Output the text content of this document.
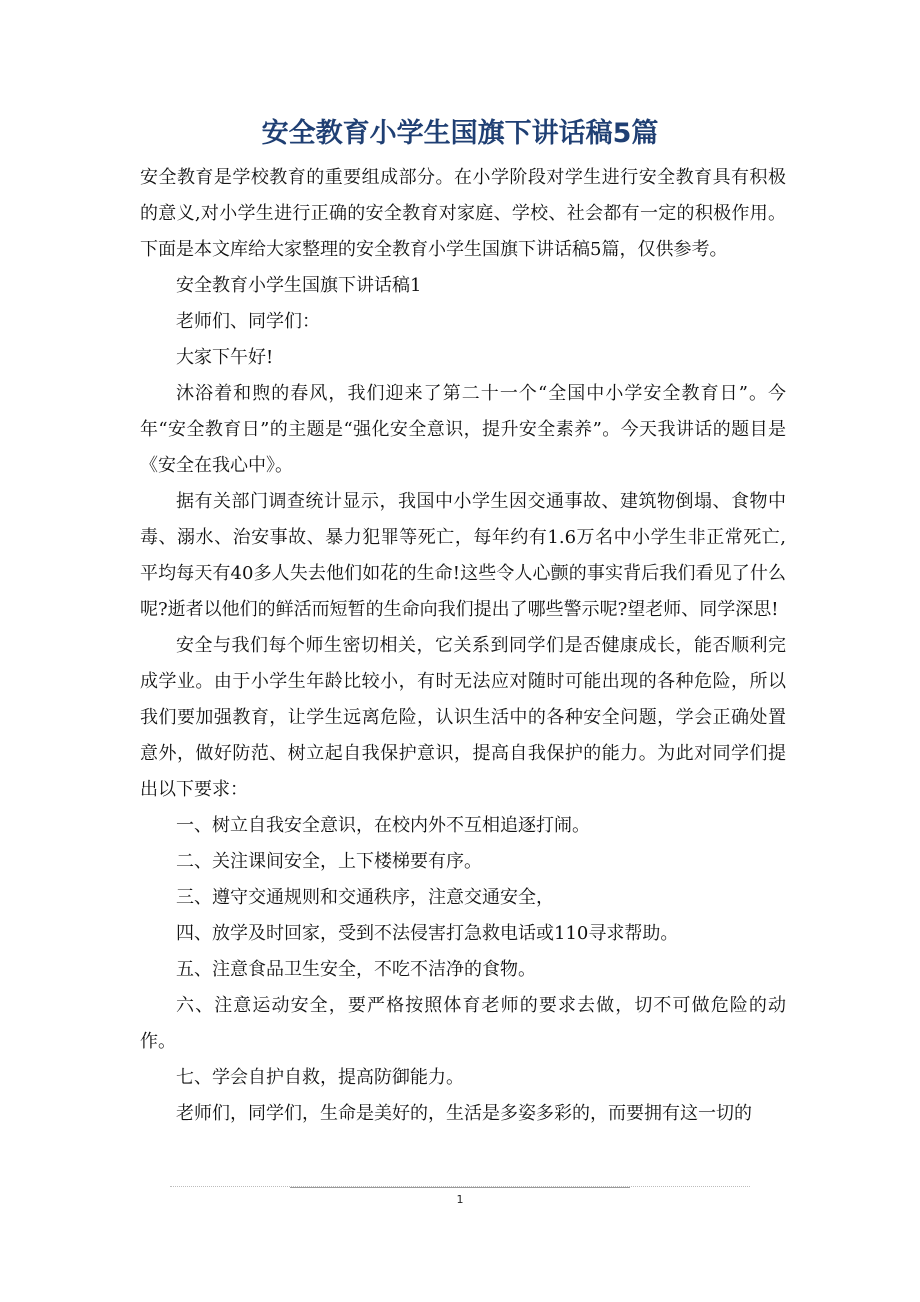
安全教育小学生国旗下讲话稿5篇

安全教育是学校教育的重要组成部分。在小学阶段对学生进行安全教育具有积极的意义,对小学生进行正确的安全教育对家庭、学校、社会都有一定的积极作用。下面是本文库给大家整理的安全教育小学生国旗下讲话稿5篇，仅供参考。

安全教育小学生国旗下讲话稿1

老师们、同学们：

大家下午好!

沐浴着和煦的春风，我们迎来了第二十一个“全国中小学安全教育日”。今年“安全教育日”的主题是“强化安全意识，提升安全素养”。今天我讲话的题目是《安全在我心中》。

据有关部门调查统计显示，我国中小学生因交通事故、建筑物倒塌、食物中毒、溺水、治安事故、暴力犯罪等死亡，每年约有1.6万名中小学生非正常死亡,平均每天有40多人失去他们如花的生命!这些令人心颤的事实背后我们看见了什么呢?逝者以他们的鲜活而短暂的生命向我们提出了哪些警示呢?望老师、同学深思!

安全与我们每个师生密切相关，它关系到同学们是否健康成长，能否顺利完成学业。由于小学生年龄比较小，有时无法应对随时可能出现的各种危险，所以我们要加强教育，让学生远离危险，认识生活中的各种安全问题，学会正确处置意外，做好防范、树立起自我保护意识，提高自我保护的能力。为此对同学们提出以下要求：

一、树立自我安全意识，在校内外不互相追逐打闹。

二、关注课间安全，上下楼梯要有序。

三、遵守交通规则和交通秩序，注意交通安全，

四、放学及时回家，受到不法侵害打急救电话或110寻求帮助。

五、注意食品卫生安全，不吃不洁净的食物。

六、注意运动安全，要严格按照体育老师的要求去做，切不可做危险的动作。

七、学会自护自救，提高防御能力。

老师们，同学们，生命是美好的，生活是多姿多彩的，而要拥有这一切的

1
